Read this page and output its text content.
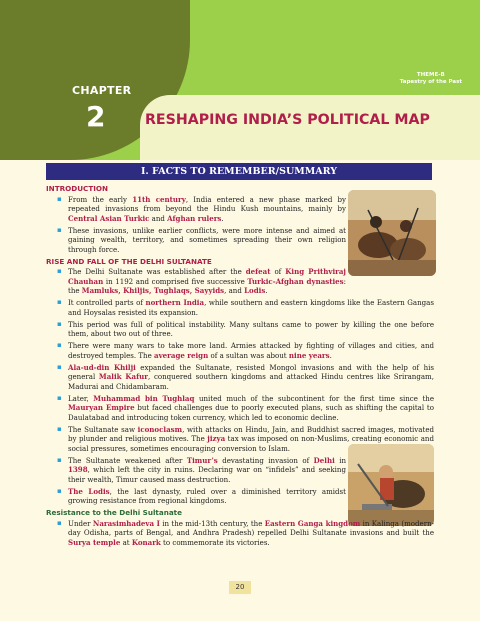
THEME-B
Tapestry of the Past
CHAPTER
2	RESHAPING INDIA’S POLITICAL MAP
I. FACTS TO REMEMBER/SUMMARY
INTRODUCTION
▪ From the early 11th century, India entered a new phase marked by repeated invasions from beyond the Hindu Kush mountains, mainly by Central Asian Turkic and Afghan rulers.
▪ These invasions, unlike earlier conflicts, were more intense and aimed at gaining wealth, territory, and sometimes spreading their own religion through force.
RISE AND FALL OF THE DELHI SULTANATE
▪ The Delhi Sultanate was established after the defeat of King Prithviraj Chauhan in 1192 and comprised five successive Turkic-Afghan dynasties: the Mamluks, Khiljis, Tughlaqs, Sayyids, and Lodis.
▪ It controlled parts of northern India, while southern and eastern kingdoms like the Eastern Gangas and Hoysalas resisted its expansion.
▪ This period was full of political instability. Many sultans came to power by killing the one before them, about two out of three.
▪ There were many wars to take more land. Armies attacked by fighting of villages and cities, and destroyed temples. The average reign of a sultan was about nine years.
▪ Ala-ud-din Khilji expanded the Sultanate, resisted Mongol invasions and with the help of his general Malik Kafur, conquered southern kingdoms and attacked Hindu centres like Srirangam, Madurai and Chidambaram.
▪ Later, Muhammad bin Tughlaq united much of the subcontinent for the first time since the Mauryan Empire but faced challenges due to poorly executed plans, such as shifting the capital to Daulatabad and introducing token currency, which led to economic decline.
▪ The Sultanate saw iconoclasm, with attacks on Hindu, Jain, and Buddhist sacred images, motivated by plunder and religious motives. The jizya tax was imposed on non-Muslims, creating economic and social pressures, sometimes encouraging conversion to Islam.
▪ The Sultanate weakened after Timur’s devastating invasion of Delhi in 1398, which left the city in ruins. Declaring war on “infidels” and seeking their wealth, Timur caused mass destruction.
▪ The Lodis, the last dynasty, ruled over a diminished territory amidst growing resistance from regional kingdoms.
Resistance to the Delhi Sultanate
▪ Under Narasimhadeva I in the mid-13th century, the Eastern Ganga kingdom in Kalinga (modern-day Odisha, parts of Bengal, and Andhra Pradesh) repelled Delhi Sultanate invasions and built the Surya temple at Konark to commemorate its victories.
20
